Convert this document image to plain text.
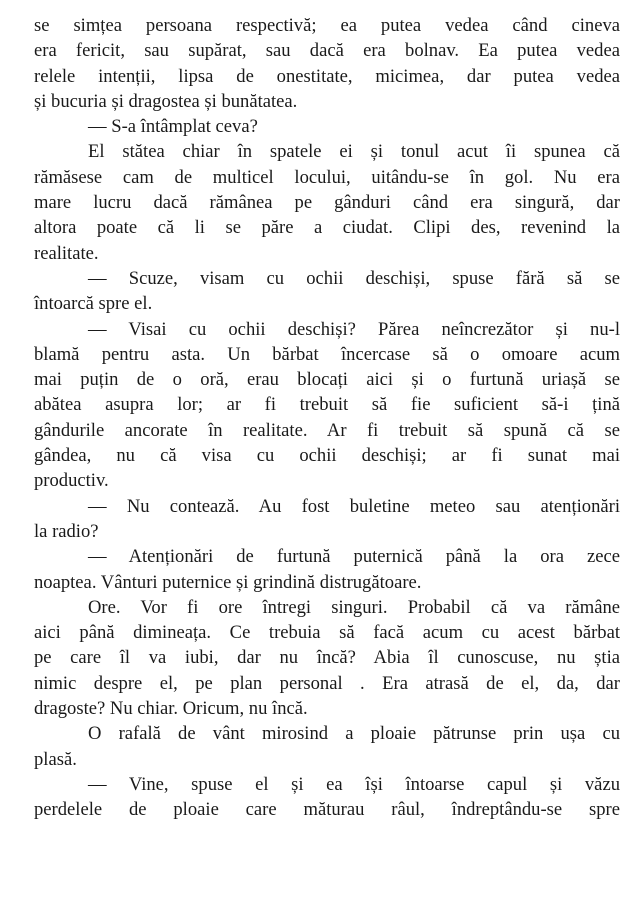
se simțea persoana respectivă; ea putea vedea când cineva
era fericit, sau supărat, sau dacă era bolnav. Ea putea vedea
relele intenții, lipsa de onestitate, micimea, dar putea vedea
și bucuria și dragostea și bunătatea.
— S-a întâmplat ceva?
El stătea chiar în spatele ei și tonul acut îi spunea că
rămăsese cam de multicel locului, uitându-se în gol. Nu era
mare lucru dacă rămânea pe gânduri când era singură, dar
altora poate că li se păre a ciudat. Clipi des, revenind la
realitate.
— Scuze, visam cu ochii deschiși, spuse fără să se
întoarcă spre el.
— Visai cu ochii deschiși? Părea neîncrezător și nu-l
blamă pentru asta. Un bărbat încercase să o omoare acum
mai puțin de o oră, erau blocați aici și o furtună uriașă se
abătea asupra lor; ar fi trebuit să fie suficient să-i țină
gândurile ancorate în realitate. Ar fi trebuit să spună că se
gândea, nu că visa cu ochii deschiși; ar fi sunat mai
productiv.
— Nu contează. Au fost buletine meteo sau atenționări
la radio?
— Atenționări de furtună puternică până la ora zece
noaptea. Vânturi puternice și grindină distrugătoare.
Ore. Vor fi ore întregi singuri. Probabil că va rămâne
aici până dimineața. Ce trebuia să facă acum cu acest bărbat
pe care îl va iubi, dar nu încă? Abia îl cunoscuse, nu știa
nimic despre el, pe plan personal . Era atrasă de el, da, dar
dragoste? Nu chiar. Oricum, nu încă.
O rafală de vânt mirosind a ploaie pătrunse prin ușa cu
plasă.
— Vine, spuse el și ea își întoarse capul și văzu
perdelele de ploaie care măturau râul, îndreptându-se spre
